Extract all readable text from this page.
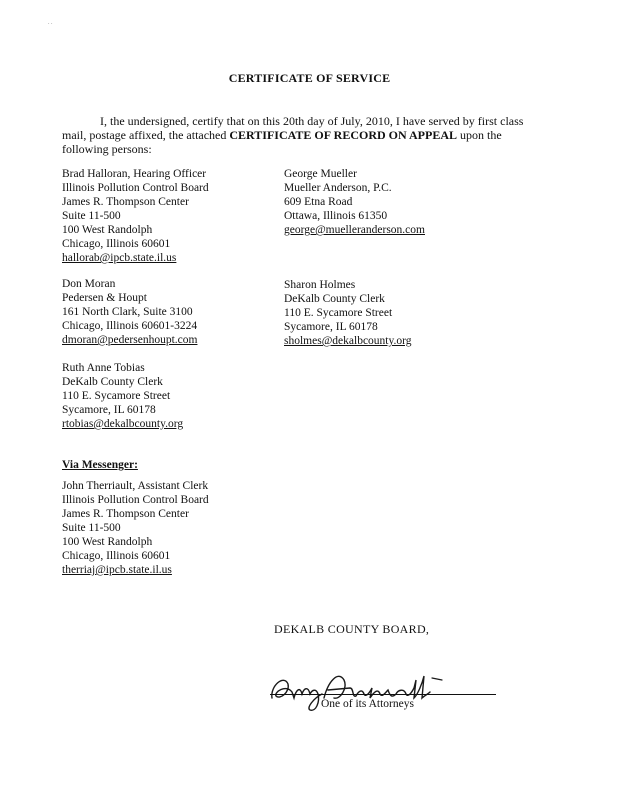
. .
CERTIFICATE OF SERVICE
I, the undersigned, certify that on this 20th day of July, 2010, I have served by first class
mail, postage affixed, the attached CERTIFICATE OF RECORD ON APPEAL upon the
following persons:
Brad Halloran, Hearing Officer
Illinois Pollution Control Board
James R. Thompson Center
Suite 11-500
100 West Randolph
Chicago, Illinois 60601
hallorab@ipcb.state.il.us
Don Moran
Pedersen & Houpt
161 North Clark, Suite 3100
Chicago, Illinois 60601-3224
dmoran@pedersenhoupt.com
Ruth Anne Tobias
DeKalb County Clerk
110 E. Sycamore Street
Sycamore, IL 60178
rtobias@dekalbcounty.org
George Mueller
Mueller Anderson, P.C.
609 Etna Road
Ottawa, Illinois 61350
george@muelleranderson.com
Sharon Holmes
DeKalb County Clerk
110 E. Sycamore Street
Sycamore, IL 60178
sholmes@dekalbcounty.org
Via Messenger:
John Therriault, Assistant Clerk
Illinois Pollution Control Board
James R. Thompson Center
Suite 11-500
100 West Randolph
Chicago, Illinois 60601
therriaj@ipcb.state.il.us
DEKALB COUNTY BOARD,
One of its Attorneys
